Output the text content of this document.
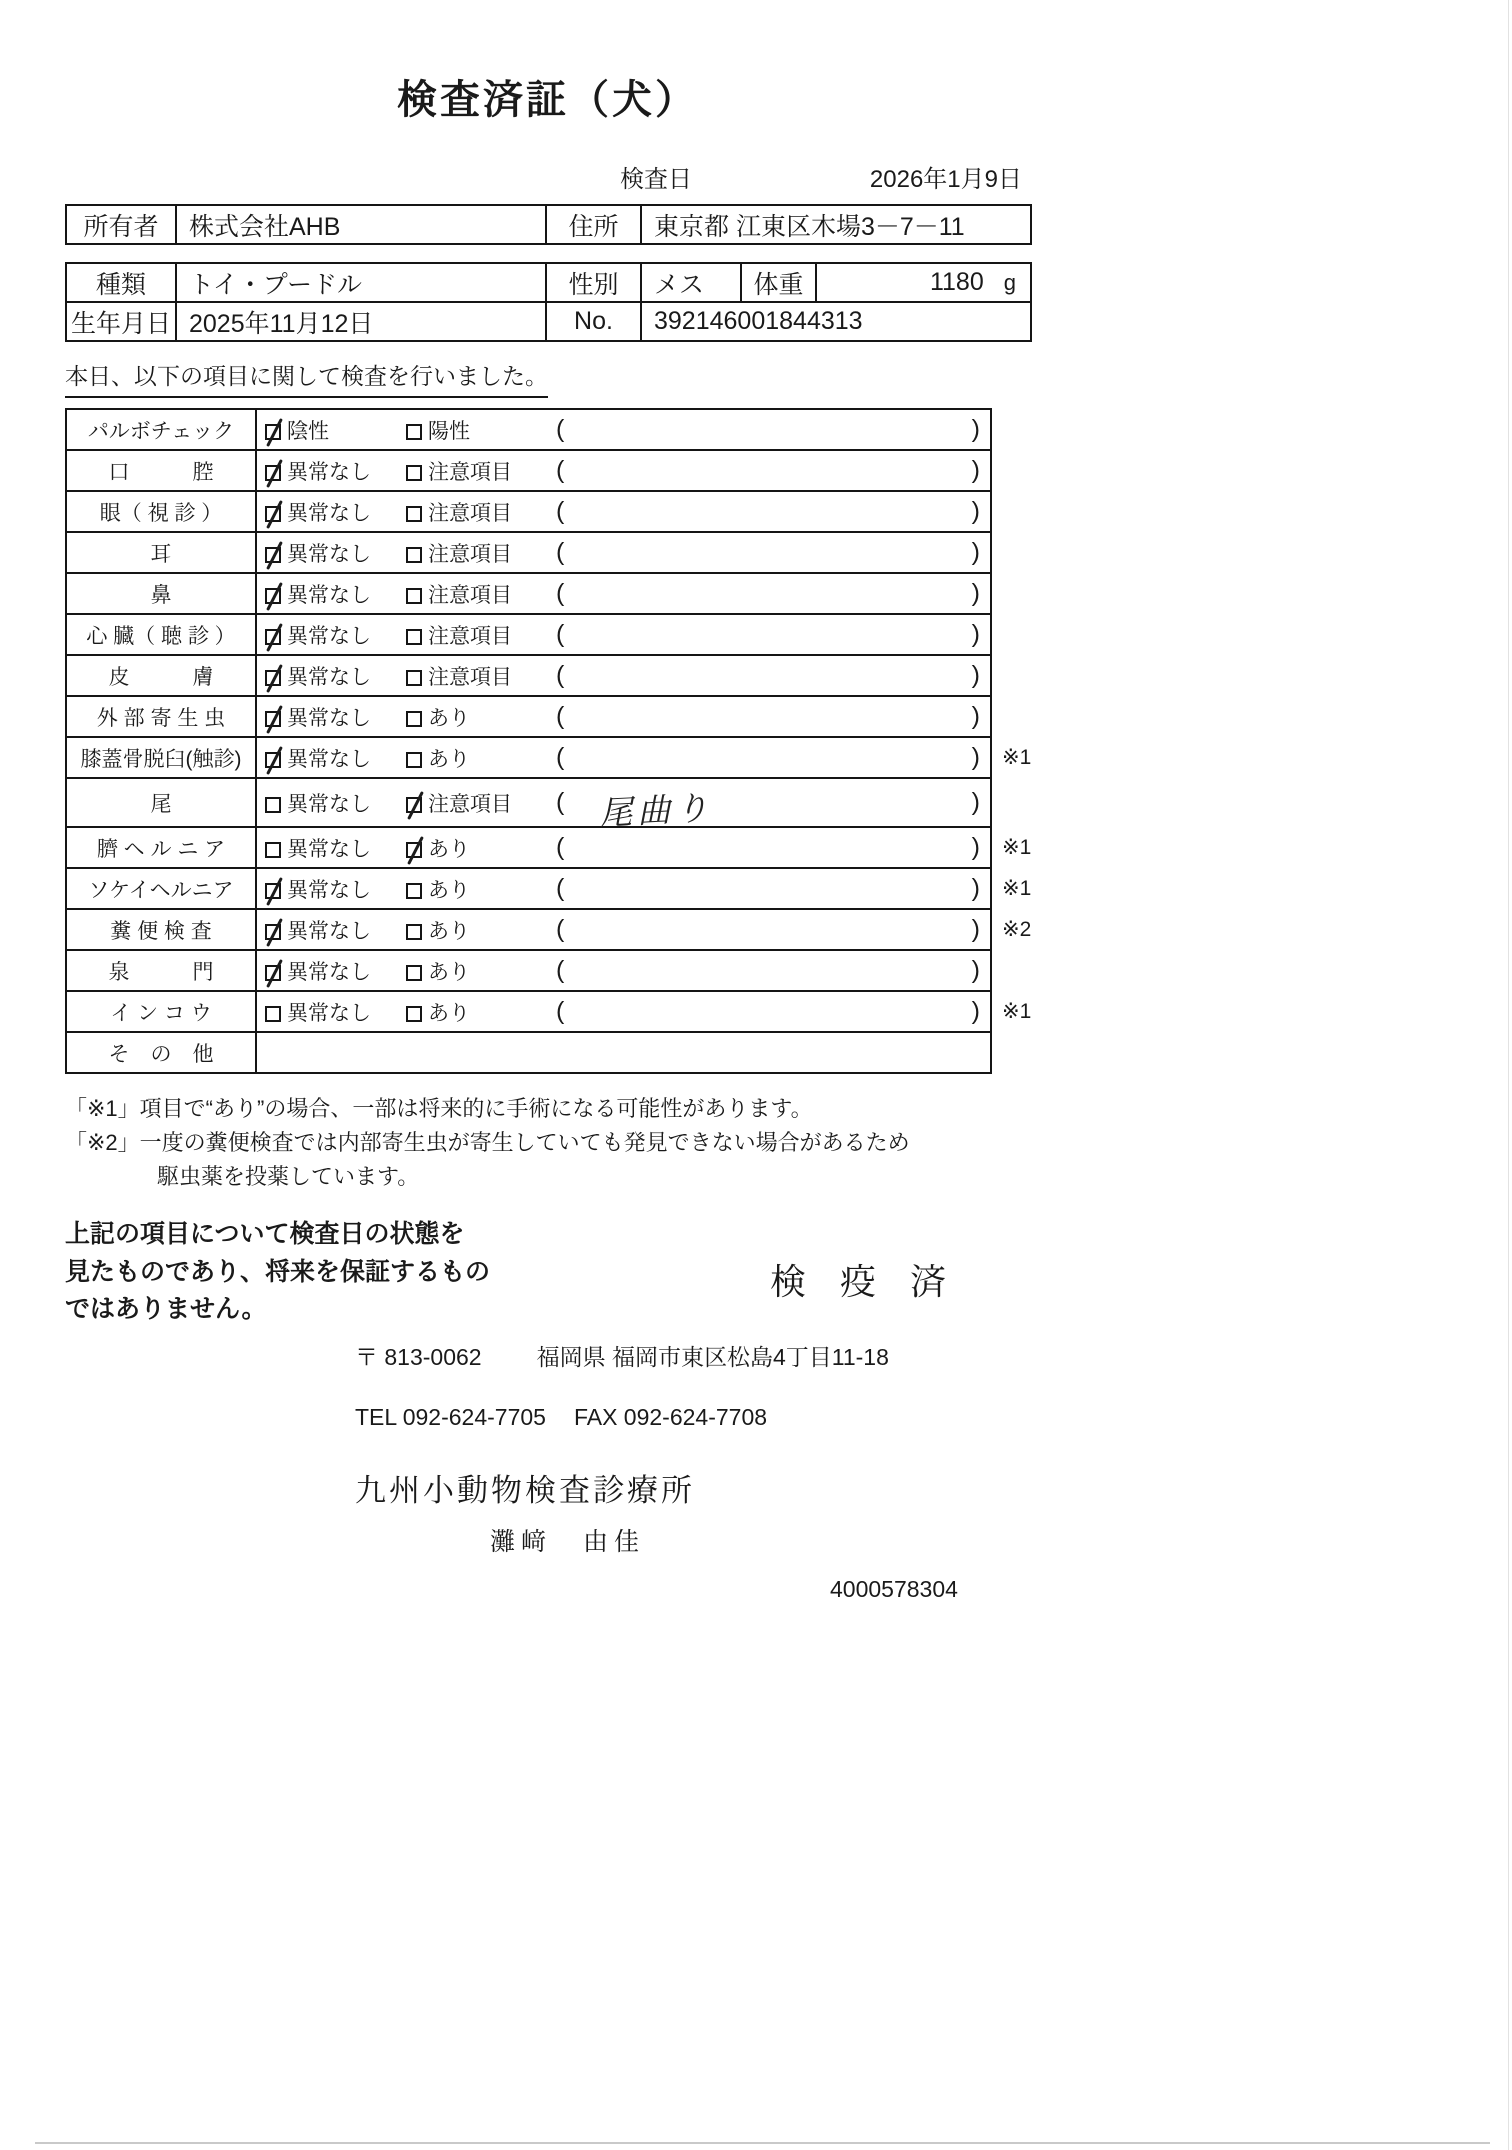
検査済証（犬）
検査日	2026年1月9日
所有者	株式会社AHB	住所	東京都 江東区木場3－7－11
種類	トイ・プードル	性別	メス	体重	1180 g

生年月日	2025年11月12日	No.	392146001844313		
本日、以下の項目に関して検査を行いました。
パルボチェック	陰性	陽性	( )	

口　　　腔	異常なし	注意項目	( )	

眼（ 視 診 ）	異常なし	注意項目	( )	

耳	異常なし	注意項目	( )	

鼻	異常なし	注意項目	( )	

心 臓（ 聴 診 ）	異常なし	注意項目	( )	

皮　　　膚	異常なし	注意項目	( )	

外 部 寄 生 虫	異常なし	あり	( )	

膝蓋骨脱臼(触診)	異常なし	あり	( )	※1
尾	異常なし	注意項目	( 尾曲り )	

臍 ヘ ル ニ ア	異常なし	あり	( )	※1
ソケイヘルニア	異常なし	あり	( )	※1
糞 便 検 査	異常なし	あり	( )	※2
泉　　　門	異常なし	あり	( )	

イ ン コ ウ	異常なし	あり	( )	※1
そ　の　他				
「※1」項目で“あり”の場合、一部は将来的に手術になる可能性があります。
「※2」一度の糞便検査では内部寄生虫が寄生していても発見できない場合があるため
駆虫薬を投薬しています。
上記の項目について検査日の状態を
見たものであり、将来を保証するもの
ではありません。
検 疫 済
〒 813-0062 福岡県 福岡市東区松島4丁目11-18
TEL 092-624-7705 FAX 092-624-7708
九州小動物検査診療所
灘﨑　由佳
4000578304
